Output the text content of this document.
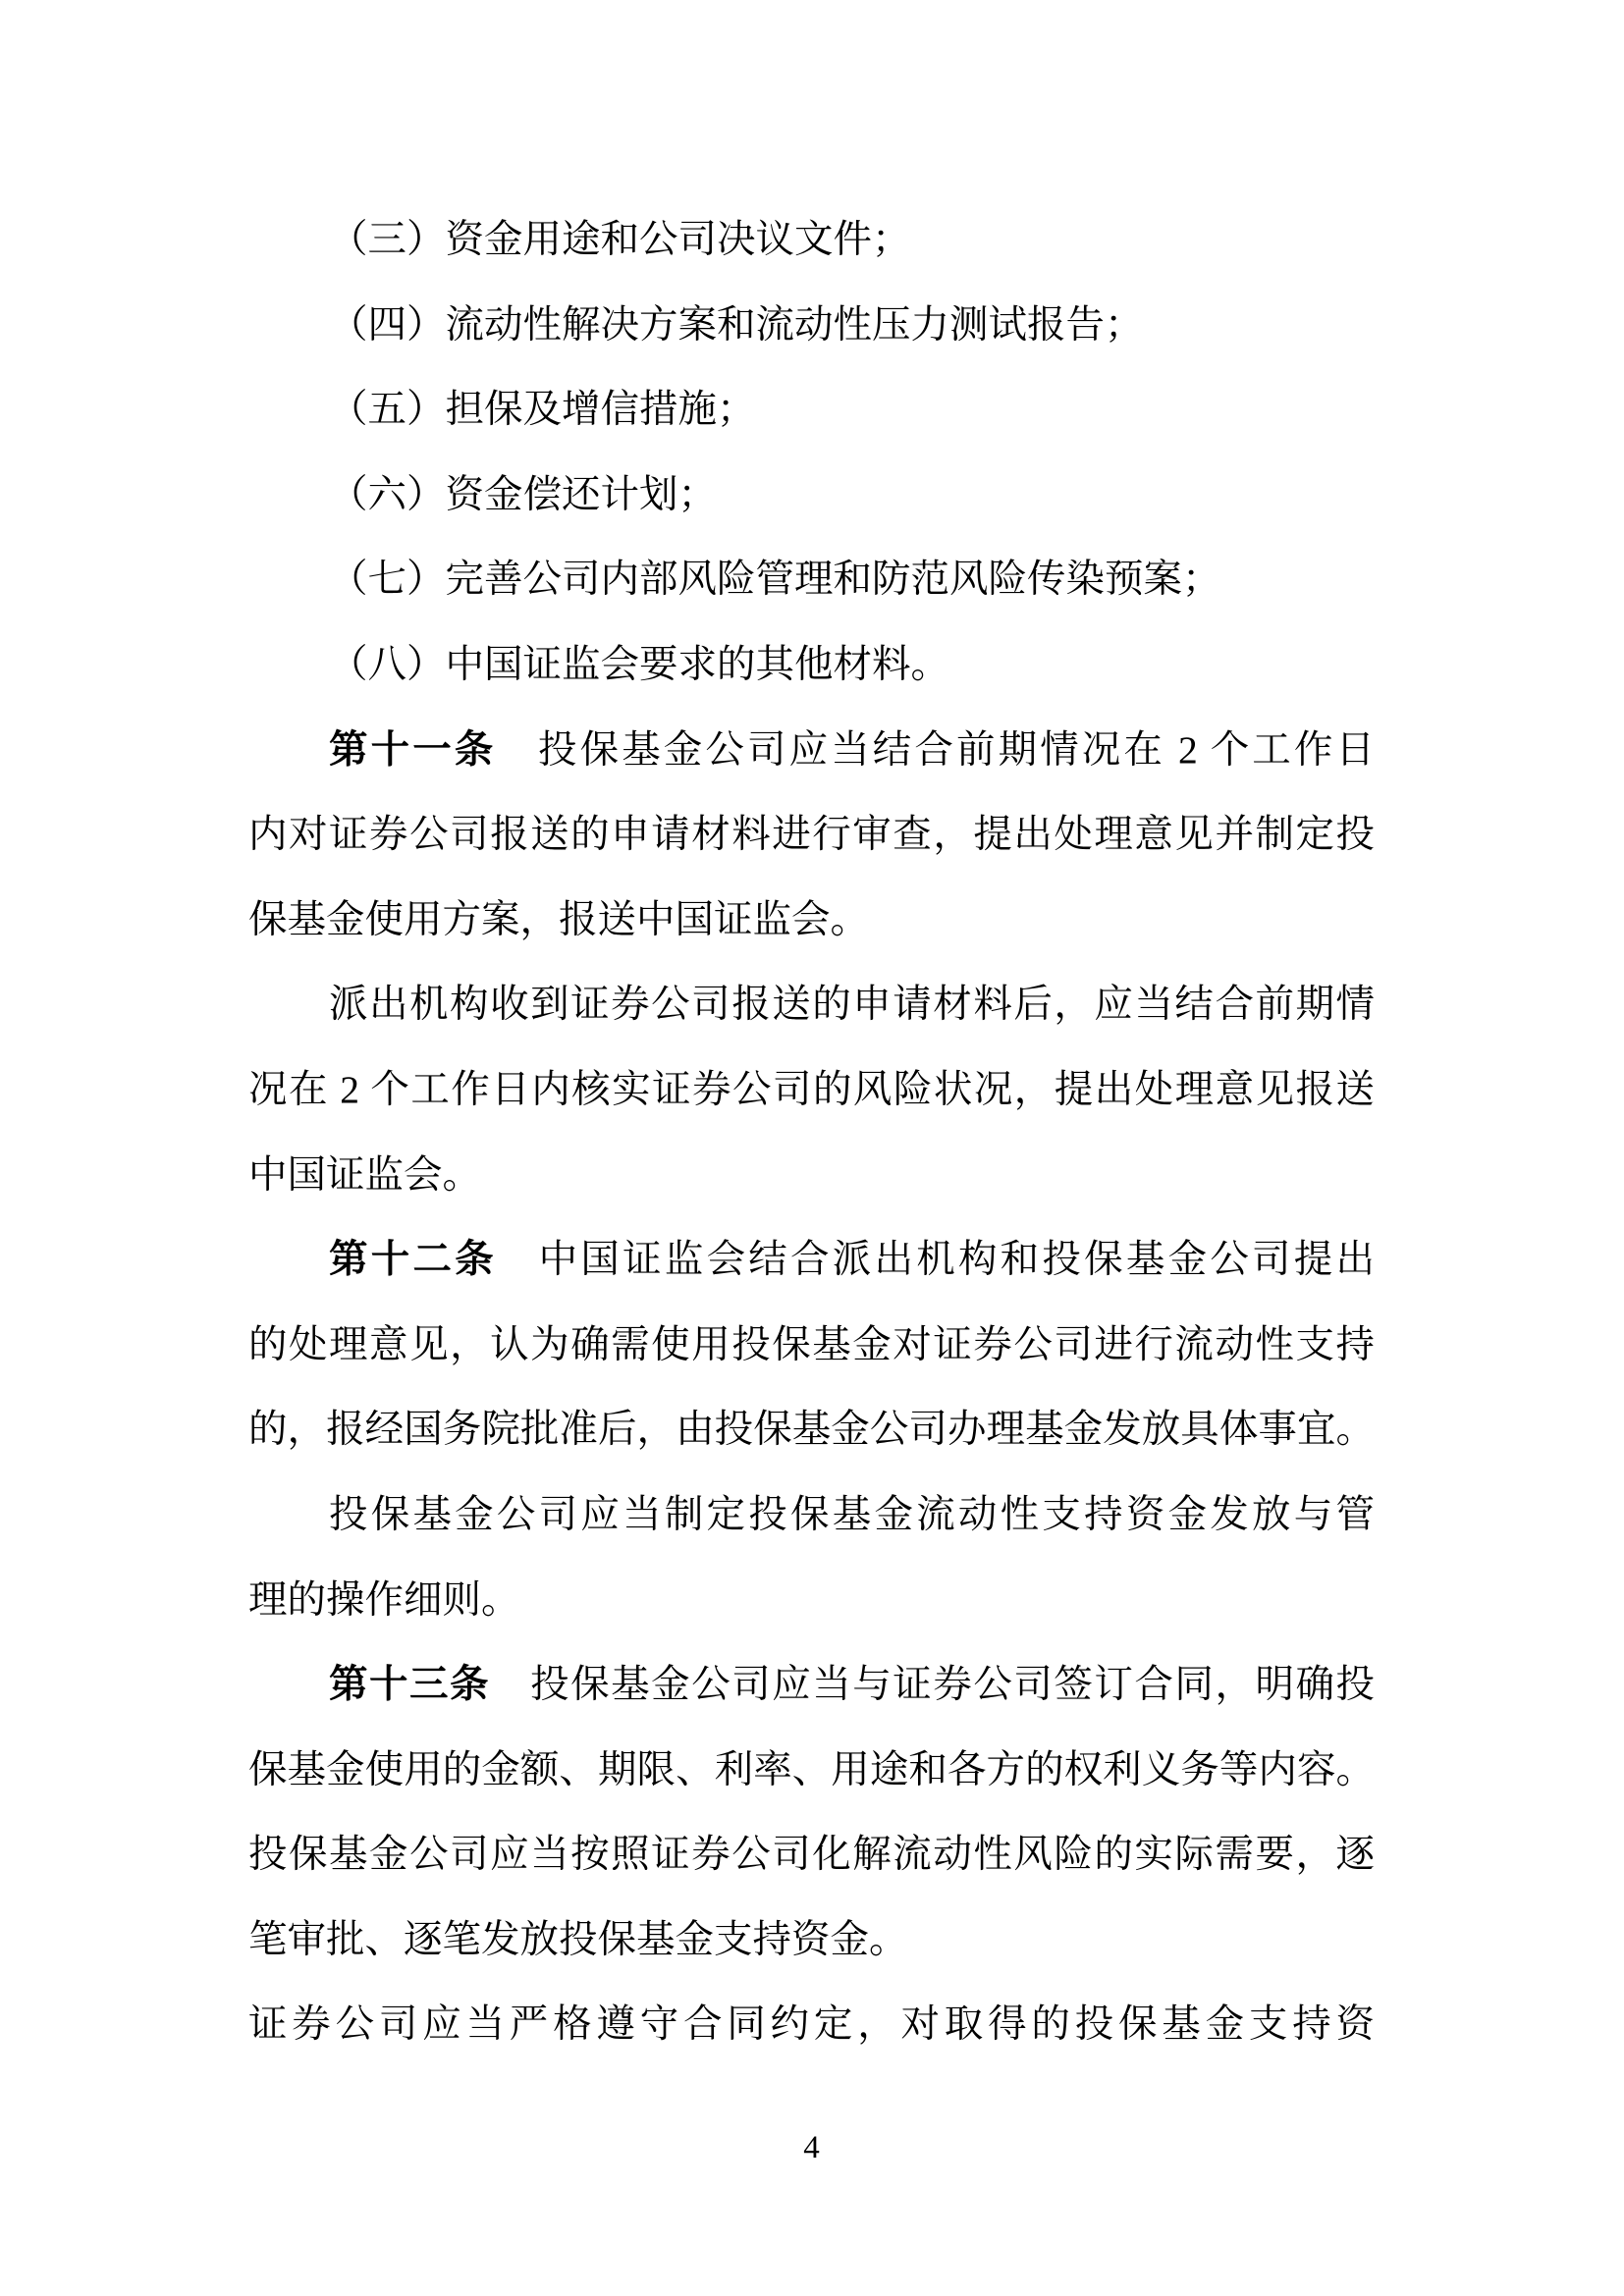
（三）资金用途和公司决议文件；
（四）流动性解决方案和流动性压力测试报告；
（五）担保及增信措施；
（六）资金偿还计划；
（七）完善公司内部风险管理和防范风险传染预案；
（八）中国证监会要求的其他材料。
第十一条　投保基金公司应当结合前期情况在 2 个工作日
内对证券公司报送的申请材料进行审查，提出处理意见并制定投
保基金使用方案，报送中国证监会。
派出机构收到证券公司报送的申请材料后，应当结合前期情
况在 2 个工作日内核实证券公司的风险状况，提出处理意见报送
中国证监会。
第十二条　中国证监会结合派出机构和投保基金公司提出
的处理意见，认为确需使用投保基金对证券公司进行流动性支持
的，报经国务院批准后，由投保基金公司办理基金发放具体事宜。
投保基金公司应当制定投保基金流动性支持资金发放与管
理的操作细则。
第十三条　投保基金公司应当与证券公司签订合同，明确投
保基金使用的金额、期限、利率、用途和各方的权利义务等内容。
投保基金公司应当按照证券公司化解流动性风险的实际需要，逐
笔审批、逐笔发放投保基金支持资金。
证券公司应当严格遵守合同约定，对取得的投保基金支持资
4
